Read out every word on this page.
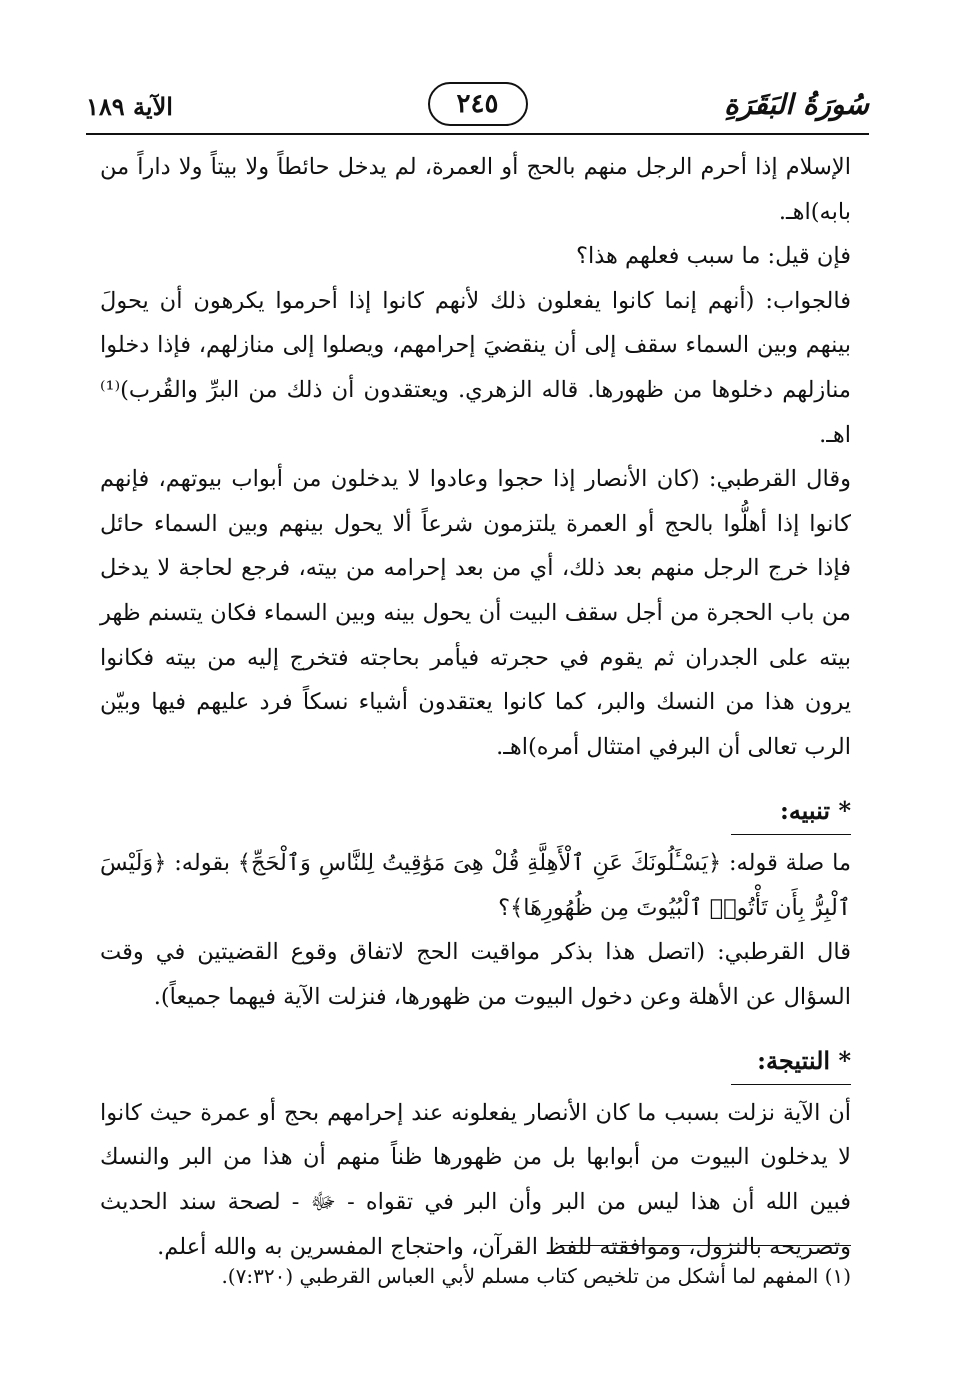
الآية ١٨٩	٢٤٥	سُورَةُ البَقَرَةِ

الإسلام إذا أحرم الرجل منهم بالحج أو العمرة، لم يدخل حائطاً ولا بيتاً ولا داراً من بابه)اهـ.

فإن قيل: ما سبب فعلهم هذا؟

فالجواب: (أنهم إنما كانوا يفعلون ذلك لأنهم كانوا إذا أحرموا يكرهون أن يحولَ بينهم وبين السماء سقف إلى أن ينقضيَ إحرامهم، ويصلوا إلى منازلهم، فإذا دخلوا منازلهم دخلوها من ظهورها. قاله الزهري. ويعتقدون أن ذلك من البرِّ والقُرب)⁽¹⁾اهـ.

وقال القرطبي: (كان الأنصار إذا حجوا وعادوا لا يدخلون من أبواب بيوتهم، فإنهم كانوا إذا أهلُّوا بالحج أو العمرة يلتزمون شرعاً ألا يحول بينهم وبين السماء حائل فإذا خرج الرجل منهم بعد ذلك، أي من بعد إحرامه من بيته، فرجع لحاجة لا يدخل من باب الحجرة من أجل سقف البيت أن يحول بينه وبين السماء فكان يتسنم ظهر بيته على الجدران ثم يقوم في حجرته فيأمر بحاجته فتخرج إليه من بيته فكانوا يرون هذا من النسك والبر، كما كانوا يعتقدون أشياء نسكاً فرد عليهم فيها وبيّن الرب تعالى أن البرفي امتثال أمره)اهـ.

* تنبيه:

ما صلة قوله: ﴿يَسْـَٔلُونَكَ عَنِ ٱلْأَهِلَّةِ قُلْ هِىَ مَوَٰقِيتُ لِلنَّاسِ وَٱلْحَجِّ﴾ بقوله: ﴿وَلَيْسَ ٱلْبِرُّ بِأَن تَأْتُوا۟ ٱلْبُيُوتَ مِن ظُهُورِهَا﴾؟

قال القرطبي: (اتصل هذا بذكر مواقيت الحج لاتفاق وقوع القضيتين في وقت السؤال عن الأهلة وعن دخول البيوت من ظهورها، فنزلت الآية فيهما جميعاً).

* النتيجة:

أن الآية نزلت بسبب ما كان الأنصار يفعلونه عند إحرامهم بحج أو عمرة حيث كانوا لا يدخلون البيوت من أبوابها بل من ظهورها ظناً منهم أن هذا من البر والنسك فبين الله أن هذا ليس من البر وأن البر في تقواه - ﷻ - لصحة سند الحديث وتصريحه بالنزول، وموافقته للفظ القرآن، واحتجاج المفسرين به والله أعلم.

(١) المفهم لما أشكل من تلخيص كتاب مسلم لأبي العباس القرطبي (٧:٣٢٠).
